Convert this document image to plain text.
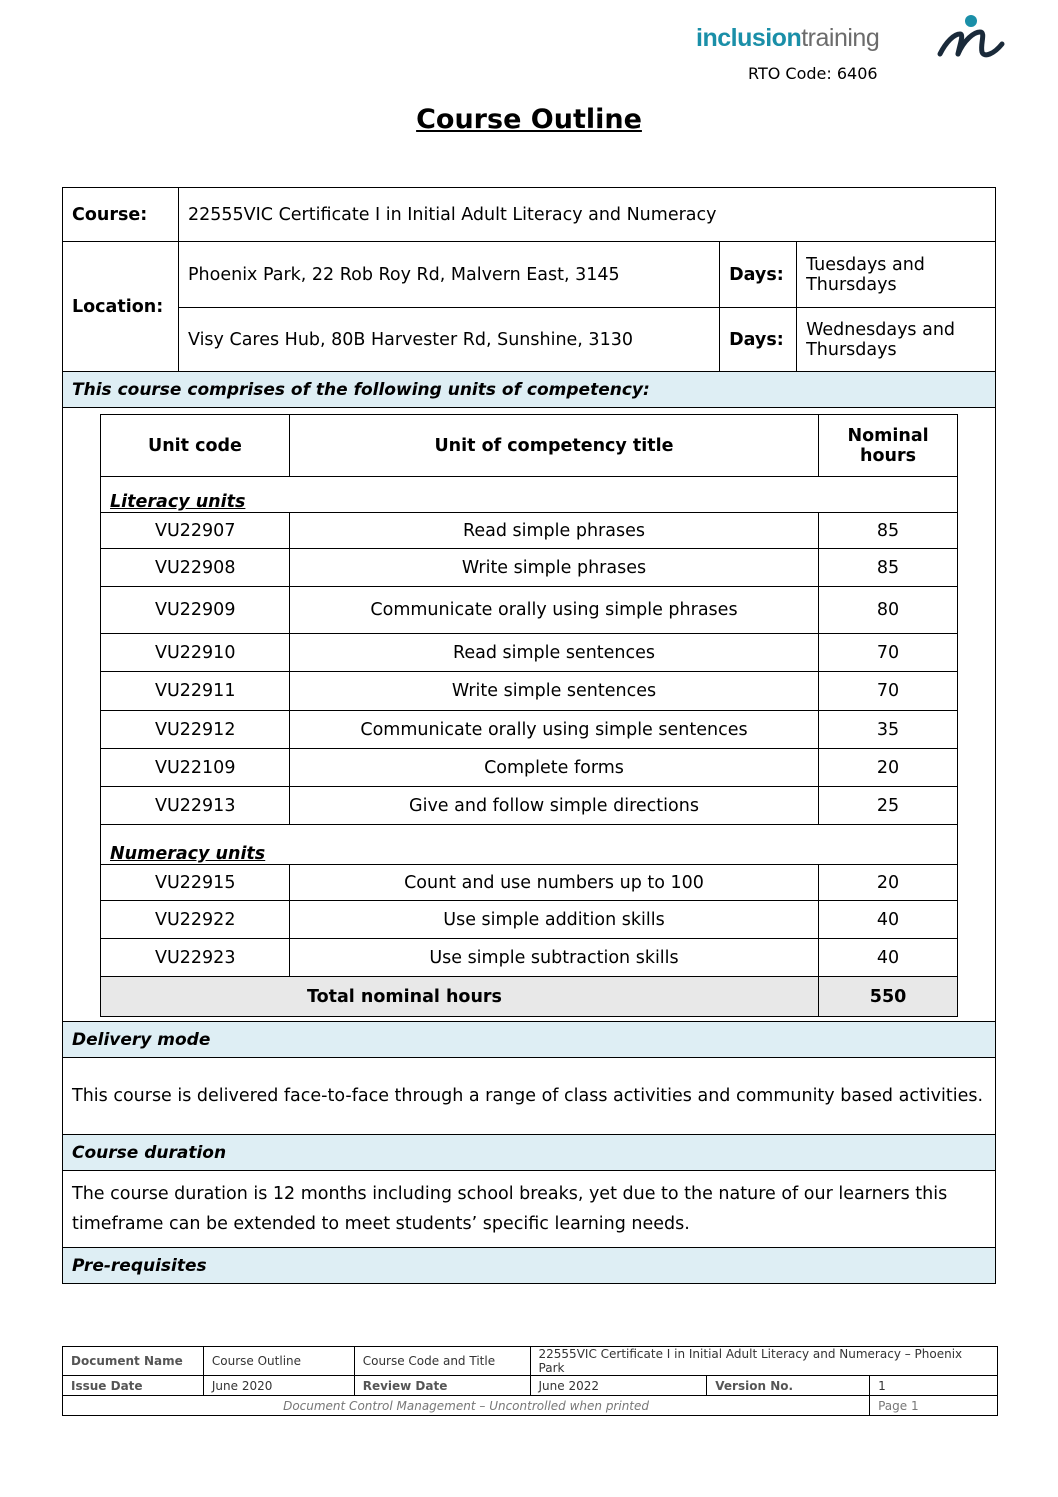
inclusiontraining
RTO Code: 6406
Course Outline
Course:	22555VIC Certificate I in Initial Adult Literacy and Numeracy
Location:	Phoenix Park, 22 Rob Roy Rd, Malvern East, 3145	Days:	Tuesdays and Thursdays
Visy Cares Hub, 80B Harvester Rd, Sunshine, 3130	Days:	Wednesdays and Thursdays
This course comprises of the following units of competency:

Unit code	Unit of competency title	Nominal hours
Literacy units
VU22907	Read simple phrases	85
VU22908	Write simple phrases	85
VU22909	Communicate orally using simple phrases	80
VU22910	Read simple sentences	70
VU22911	Write simple sentences	70
VU22912	Communicate orally using simple sentences	35
VU22109	Complete forms	20
VU22913	Give and follow simple directions	25
Numeracy units
VU22915	Count and use numbers up to 100	20
VU22922	Use simple addition skills	40
VU22923	Use simple subtraction skills	40
Total nominal hours	550

Delivery mode
This course is delivered face-to-face through a range of class activities and community based activities.
Course duration
The course duration is 12 months including school breaks, yet due to the nature of our learners this timeframe can be extended to meet students’ specific learning needs.
Pre-requisites
Document Name	Course Outline	Course Code and Title	22555VIC Certificate I in Initial Adult Literacy and Numeracy – Phoenix Park		
Issue Date	June 2020	Review Date	June 2022	Version No.	1
Document Control Management – Uncontrolled when printed					Page 1
